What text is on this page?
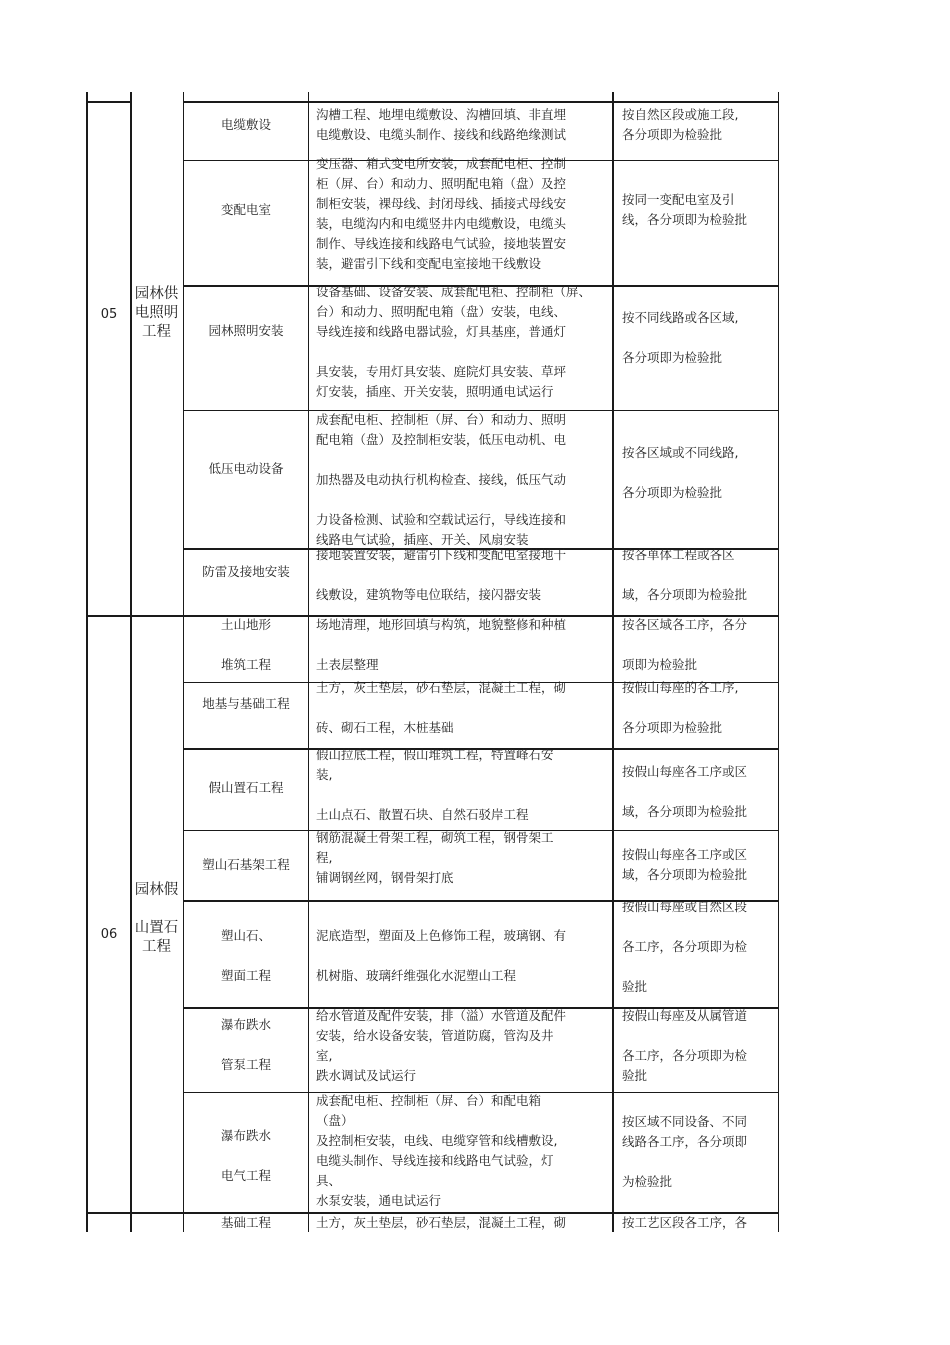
05
园林供
电照明
工程
06
园林假

山置石
工程
电缆敷设
沟槽工程、地埋电缆敷设、沟槽回填、非直埋
电缆敷设、电缆头制作、接线和线路绝缘测试
按自然区段或施工段,
各分项即为检验批
变配电室
变压器、箱式变电所安装，成套配电柜、控制
柜（屏、台）和动力、照明配电箱（盘）及控
制柜安装，裸母线、封闭母线、插接式母线安
装，电缆沟内和电缆竖井内电缆敷设，电缆头
制作、导线连接和线路电气试验，接地装置安
装，避雷引下线和变配电室接地干线敷设
按同一变配电室及引
线，各分项即为检验批
园林照明安装
设备基础、设备安装、成套配电柜、控制柜（屏、
台）和动力、照明配电箱（盘）安装，电线、
导线连接和线路电器试验，灯具基座，普通灯

具安装，专用灯具安装、庭院灯具安装、草坪
灯安装，插座、开关安装，照明通电试运行
按不同线路或各区域,

各分项即为检验批
低压电动设备
成套配电柜、控制柜（屏、台）和动力、照明
配电箱（盘）及控制柜安装，低压电动机、电

加热器及电动执行机构检查、接线，低压气动

力设备检测、试验和空载试运行，导线连接和
线路电气试验，插座、开关、风扇安装
按各区域或不同线路,

各分项即为检验批
防雷及接地安装
接地装置安装，避雷引下线和变配电室接地干

线敷设，建筑物等电位联结，接闪器安装
按各单体工程或各区

域，各分项即为检验批
土山地形

堆筑工程
场地清理，地形回填与构筑，地貌整修和种植

土表层整理
按各区域各工序，各分

项即为检验批
地基与基础工程
土方，灰土垫层，砂石垫层，混凝土工程，砌

砖、砌石工程，木桩基础
按假山每座的各工序,

各分项即为检验批
假山置石工程
假山拉底工程，假山堆筑工程，特置峰石安
装,

土山点石、散置石块、自然石驳岸工程
按假山每座各工序或区

域，各分项即为检验批
塑山石基架工程
钢筋混凝土骨架工程，砌筑工程，钢骨架工
程,
铺调钢丝网，钢骨架打底
按假山每座各工序或区
域，各分项即为检验批
塑山石、

塑面工程
泥底造型，塑面及上色修饰工程，玻璃钢、有

机树脂、玻璃纤维强化水泥塑山工程
按假山每座或自然区段

各工序，各分项即为检

验批
瀑布跌水

管泵工程
给水管道及配件安装，排（溢）水管道及配件
安装，给水设备安装，管道防腐，管沟及井
室,
跌水调试及试运行
按假山每座及从属管道

各工序，各分项即为检
验批
瀑布跌水

电气工程
成套配电柜、控制柜（屏、台）和配电箱
（盘）
及控制柜安装，电线、电缆穿管和线槽敷设,
电缆头制作、导线连接和线路电气试验，灯
具、
水泵安装，通电试运行
按区域不同设备、不同
线路各工序，各分项即

为检验批
基础工程	土方，灰土垫层，砂石垫层，混凝土工程，砌	按工艺区段各工序，各
